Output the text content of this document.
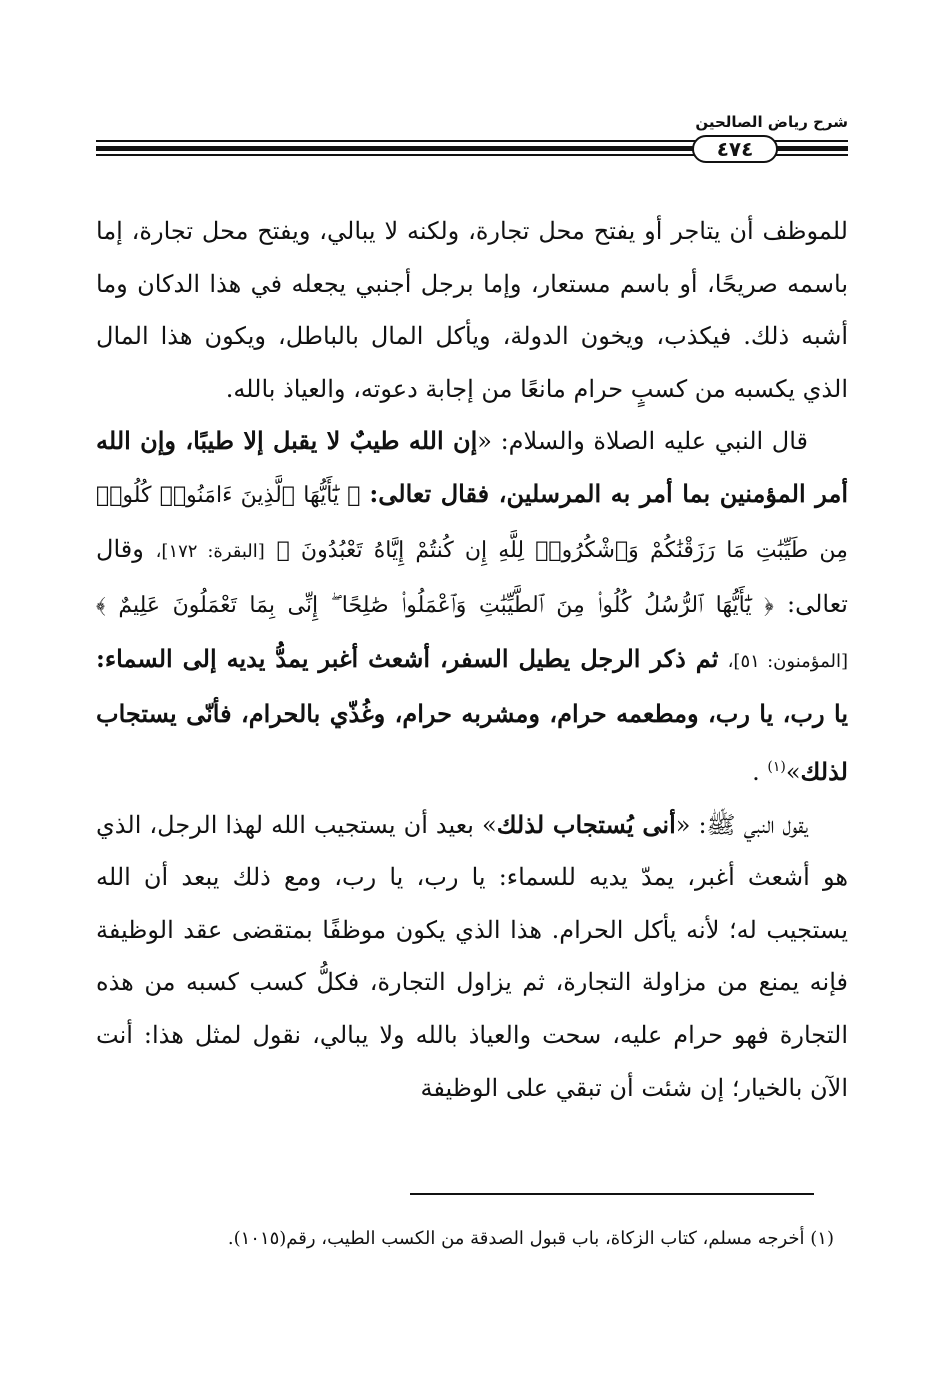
شرح رياض الصالحين
٤٧٤

للموظف أن يتاجر أو يفتح محل تجارة، ولكنه لا يبالي، ويفتح محل تجارة، إما باسمه صريحًا، أو باسم مستعار، وإما برجل أجنبي يجعله في هذا الدكان وما أشبه ذلك. فيكذب، ويخون الدولة، ويأكل المال بالباطل، ويكون هذا المال الذي يكسبه من كسبٍ حرام مانعًا من إجابة دعوته، والعياذ بالله.

قال النبي عليه الصلاة والسلام: «إن الله طيبٌ لا يقبل إلا طيبًا، وإن الله أمر المؤمنين بما أمر به المرسلين، فقال تعالى: ﴿ يَٰٓأَيُّهَا ٱلَّذِينَ ءَامَنُوا۟ كُلُوا۟ مِن طَيِّبَٰتِ مَا رَزَقْنَٰكُمْ وَٱشْكُرُوا۟ لِلَّهِ إِن كُنتُمْ إِيَّاهُ تَعْبُدُونَ ﴾ [البقرة: ١٧٢]، وقال تعالى: ﴿ يَٰٓأَيُّهَا ٱلرُّسُلُ كُلُوا۟ مِنَ ٱلطَّيِّبَٰتِ وَٱعْمَلُوا۟ صَٰلِحًا ۖ إِنِّى بِمَا تَعْمَلُونَ عَلِيمٌ ﴾ [المؤمنون: ٥١]، ثم ذكر الرجل يطيل السفر، أشعث أغبر يمدُّ يديه إلى السماء: يا رب، يا رب، ومطعمه حرام، ومشربه حرام، وغُذّي بالحرام، فأنّى يستجاب لذلك»$^{(١)}$ .

يقول النبي ﷺ: «أنى يُستجاب لذلك» بعيد أن يستجيب الله لهذا الرجل، الذي هو أشعث أغبر، يمدّ يديه للسماء: يا رب، يا رب، ومع ذلك يبعد أن الله يستجيب له؛ لأنه يأكل الحرام. هذا الذي يكون موظفًا بمتقضى عقد الوظيفة فإنه يمنع من مزاولة التجارة، ثم يزاول التجارة، فكلُّ كسب كسبه من هذه التجارة فهو حرام عليه، سحت والعياذ بالله ولا يبالي، نقول لمثل هذا: أنت الآن بالخيار؛ إن شئت أن تبقي على الوظيفة

(١) أخرجه مسلم، كتاب الزكاة، باب قبول الصدقة من الكسب الطيب، رقم(١٠١٥).
